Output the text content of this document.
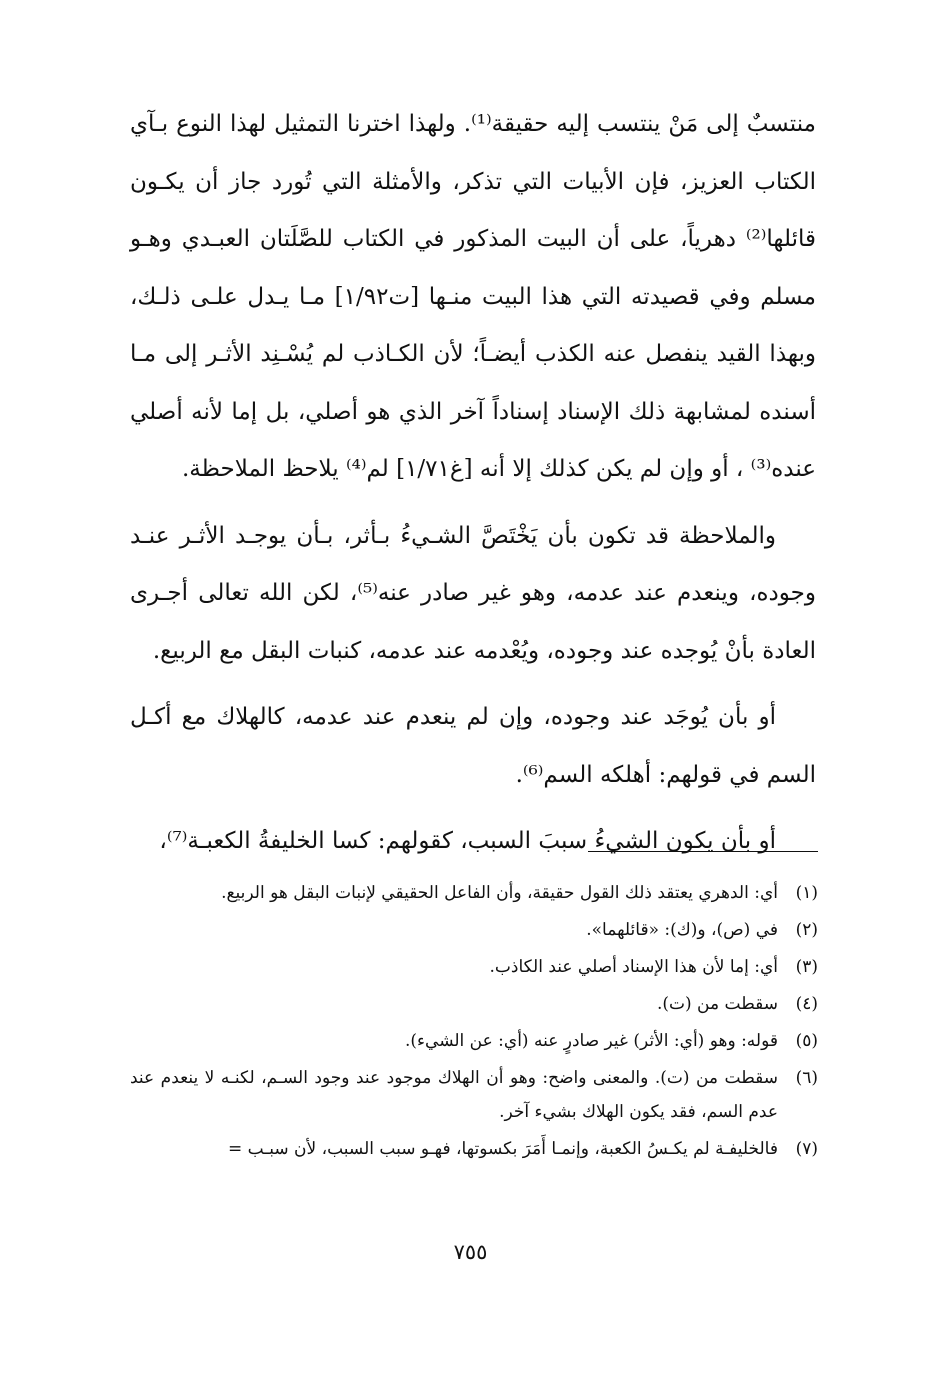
منتسبٌ إلى مَنْ ينتسب إليه حقيقة⁽¹⁾. ولهذا اخترنا التمثيل لهذا النوع بـآي الكتاب العزيز، فإن الأبيات التي تذكر، والأمثلة التي تُورد جاز أن يكـون قائلها⁽²⁾ دهرياً، على أن البيت المذكور في الكتاب للصَّلَتان العبـدي وهـو مسلم وفي قصيدته التي هذا البيت منـها [ت١/٩٢] مـا يـدل علـى ذلـك، وبهذا القيد ينفصل عنه الكذب أيضـاً؛ لأن الكـاذب لم يُسْـنِد الأثـر إلى مـا أسنده لمشابهة ذلك الإسناد إسناداً آخر الذي هو أصلي، بل إما لأنه أصلي عنده⁽³⁾ ، أو وإن لم يكن كذلك إلا أنه [غ١/٧١] لم⁽⁴⁾ يلاحظ الملاحظة.

والملاحظة قد تكون بأن يَخْتَصَّ الشـيءُ بـأثر، بـأن يوجـد الأثـر عنـد وجوده، وينعدم عند عدمه، وهو غير صادر عنه⁽⁵⁾، لكن الله تعالى أجـرى العادة بأنْ يُوجده عند وجوده، ويُعْدمه عند عدمه، كنبات البقل مع الربيع.

أو بأن يُوجَد عند وجوده، وإن لم ينعدم عند عدمه، كالهلاك مع أكـل السم في قولهم: أهلكه السم⁽⁶⁾.

أو بأن يكون الشيءُ سببَ السبب، كقولهم: كسا الخليفةُ الكعبـة⁽⁷⁾،

(١)
أي: الدهري يعتقد ذلك القول حقيقة، وأن الفاعل الحقيقي لإنبات البقل هو الربيع.
(٢)
في (ص)، و(ك): «قائلهما».
(٣)
أي: إما لأن هذا الإسناد أصلي عند الكاذب.
(٤)
سقطت من (ت).
(٥)
قوله: وهو (أي: الأثر) غير صادرٍ عنه (أي: عن الشيء).
(٦)
سقطت من (ت). والمعنى واضح: وهو أن الهلاك موجود عند وجود السـم، لكنـه لا ينعدم عند عدم السم، فقد يكون الهلاك بشيء آخر.
(٧)
فالخليفـة لم يكـسُ الكعبة، وإنمـا أَمَرَ بكسوتها، فهـو سبب السبب، لأن سبـب =
٧٥٥
